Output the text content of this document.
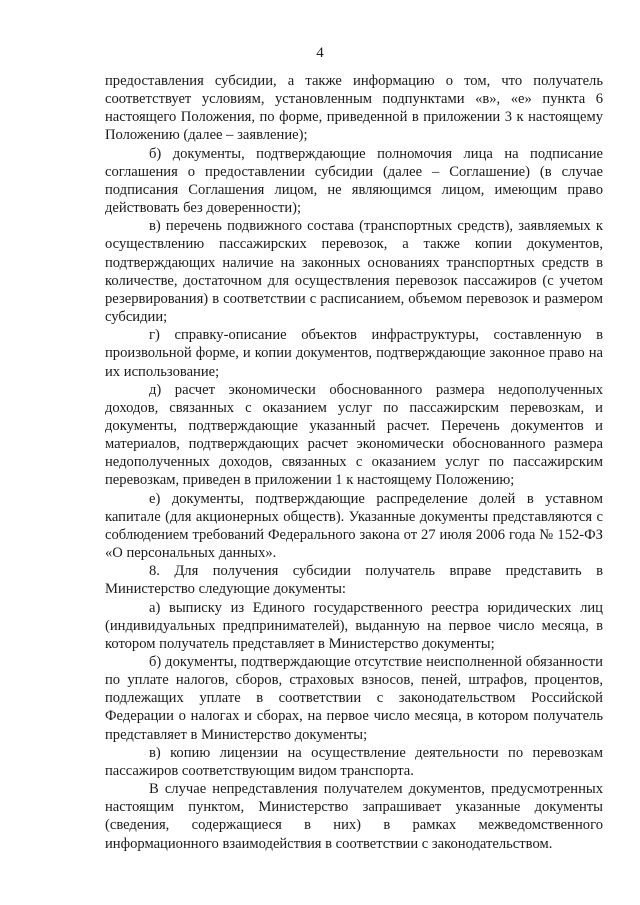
4

предоставления субсидии, а также информацию о том, что получатель соответствует условиям, установленным подпунктами «в», «е» пункта 6 настоящего Положения, по форме, приведенной в приложении 3 к настоящему Положению (далее – заявление);

б) документы, подтверждающие полномочия лица на подписание соглашения о предоставлении субсидии (далее – Соглашение) (в случае подписания Соглашения лицом, не являющимся лицом, имеющим право действовать без доверенности);

в) перечень подвижного состава (транспортных средств), заявляемых к осуществлению пассажирских перевозок, а также копии документов, подтверждающих наличие на законных основаниях транспортных средств в количестве, достаточном для осуществления перевозок пассажиров (с учетом резервирования) в соответствии с расписанием, объемом перевозок и размером субсидии;

г) справку-описание объектов инфраструктуры, составленную в произвольной форме, и копии документов, подтверждающие законное право на их использование;

д) расчет экономически обоснованного размера недополученных доходов, связанных с оказанием услуг по пассажирским перевозкам, и документы, подтверждающие указанный расчет. Перечень документов и материалов, подтверждающих расчет экономически обоснованного размера недополученных доходов, связанных с оказанием услуг по пассажирским перевозкам, приведен в приложении 1 к настоящему Положению;

е) документы, подтверждающие распределение долей в уставном капитале (для акционерных обществ). Указанные документы представляются с соблюдением требований Федерального закона от 27 июля 2006 года № 152-ФЗ «О персональных данных».

8. Для получения субсидии получатель вправе представить в Министерство следующие документы:

а) выписку из Единого государственного реестра юридических лиц (индивидуальных предпринимателей), выданную на первое число месяца, в котором получатель представляет в Министерство документы;

б) документы, подтверждающие отсутствие неисполненной обязанности по уплате налогов, сборов, страховых взносов, пеней, штрафов, процентов, подлежащих уплате в соответствии с законодательством Российской Федерации о налогах и сборах, на первое число месяца, в котором получатель представляет в Министерство документы;

в) копию лицензии на осуществление деятельности по перевозкам пассажиров соответствующим видом транспорта.

В случае непредставления получателем документов, предусмотренных настоящим пунктом, Министерство запрашивает указанные документы (сведения, содержащиеся в них) в рамках межведомственного информационного взаимодействия в соответствии с законодательством.
